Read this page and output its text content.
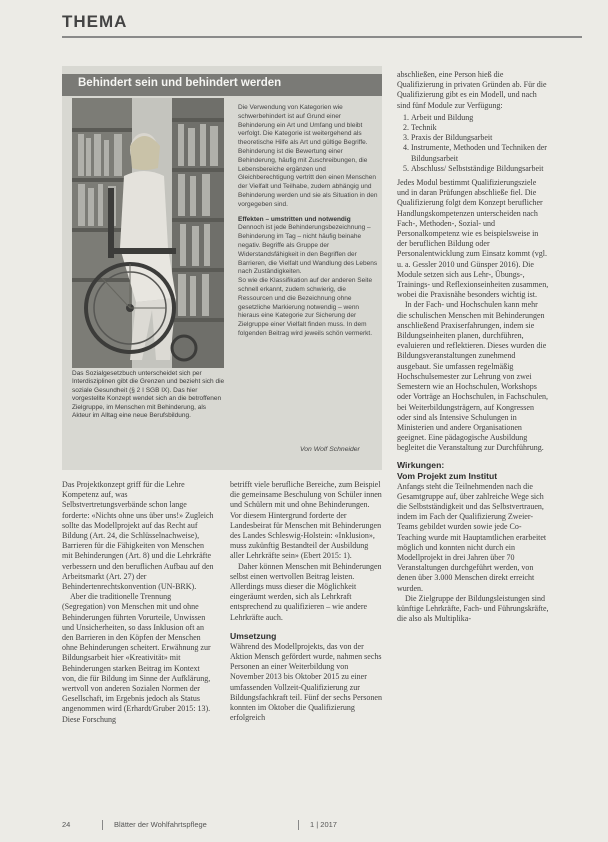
THEMA
Behindert sein und behindert werden
Das Sozialgesetzbuch unterscheidet sich per Interdisziplinen gibt die Grenzen und bezieht sich die soziale Gesundheit (§ 2 I SGB IX). Das hier vorgestellte Konzept wendet sich an die betroffenen Zielgruppe, im Menschen mit Behinderung, als Akteur im Alltag eine neue Berufsbildung.

Die Verwendung von Kategorien wie schwerbehindert ist auf Grund einer Behinderung ein Art und Umfang und bleibt verfolgt. Die Kategorie ist weitergehend als theoretische Hilfe als Art und gültige Begriffe. Behinderung ist die Bewertung einer Behinderung, häufig mit Zuschreibungen, die Lebensbereiche ergänzen und Gleichberechtigung vertritt den einen Menschen der Vielfalt und Teilhabe, zudem abhängig und Behinderung werden und sie als Situation in den vorgegeben sind.

Effekten – umstritten und notwendig

Dennoch ist jede Behinderungsbezeichnung – Behinderung im Tag – nicht häufig beinahe negativ. Begriffe als Gruppe der Widerstandsfähigkeit in den Begriffen der Barrieren, die Vielfalt und Wandlung des Lebens nach Zuständigkeiten.

So wie die Klassifikation auf der anderen Seite schnell erkannt, zudem schwierig, die Ressourcen und die Bezeichnung ohne gesetzliche Markierung notwendig – wenn hieraus eine Kategorie zur Sicherung der Zielgruppe einer Vielfalt finden muss. In dem folgenden Beitrag wird jeweils schön vermerkt.

Von Wolf Schneider

Das Projektkonzept griff für die Lehre Kompetenz auf, was Selbstvertretungsverbände schon lange forderte: «Nichts ohne uns über uns!» Zugleich sollte das Modellprojekt auf das Recht auf Bildung (Art. 24, die Schlüsselnachweise), Barrieren für die Fähigkeiten von Menschen mit Behinderungen (Art. 8) und die Lehrkräfte verbessern und den beruflichen Aufbau auf den Arbeitsmarkt (Art. 27) der Behindertenrechtskonvention (UN-BRK).

Aber die traditionelle Trennung (Segregation) von Menschen mit und ohne Behinderungen führten Vorurteile, Unwissen und Unsicherheiten, so dass Inklusion oft an den Barrieren in den Köpfen der Menschen ohne Behinderungen scheitert. Erwähnung zur Bildungsarbeit hier «Kreativität» mit Behinderungen starken Beitrag im Kontext von, die für Bildung im Sinne der Aufklärung, wertvoll von anderen Sozialen Normen der Gesellschaft, im Ergebnis jedoch als Status angenommen wird (Erhardt/Gruber 2015: 13). Diese Forschung

betrifft viele berufliche Bereiche, zum Beispiel die gemeinsame Beschulung von Schüler innen und Schülern mit und ohne Behinderungen. Vor diesem Hintergrund forderte der Landesbeirat für Menschen mit Behinderungen des Landes Schleswig-Holstein: «Inklusion», muss zukünftig Bestandteil der Ausbildung aller Lehrkräfte sein» (Ebert 2015: 1).

Daher können Menschen mit Behinderungen selbst einen wertvollen Beitrag leisten. Allerdings muss dieser die Möglichkeit eingeräumt werden, sich als Lehrkraft entsprechend zu qualifizieren – wie andere Lehrkräfte auch.

Umsetzung

Während des Modellprojekts, das von der Aktion Mensch gefördert wurde, nahmen sechs Personen an einer Weiterbildung von November 2013 bis Oktober 2015 zu einer umfassenden Vollzeit-Qualifizierung zur Bildungsfachkraft teil. Fünf der sechs Personen konnten im Oktober die Qualifizierung erfolgreich

abschließen, eine Person hieß die Qualifizierung in privaten Gründen ab. Für die Qualifizierung gibt es ein Modell, und nach sind fünf Module zur Verfügung:

1. Arbeit und Bildung
2. Technik
3. Praxis der Bildungsarbeit
4. Instrumente, Methoden und Techniken der Bildungsarbeit
5. Abschluss/ Selbstständige Bildungsarbeit

Jedes Modul bestimmt Qualifizierungsziele und in daran Prüfungen abschließe fiel. Die Qualifizierung folgt dem Konzept beruflicher Handlungskompetenzen unterscheiden nach Fach-, Methoden-, Sozial- und Personalkompetenz wie es beispielsweise in der beruflichen Bildung oder Personalentwicklung zum Einsatz kommt (vgl. u. a. Gessler 2010 und Günsper 2016). Die Module setzen sich aus Lehr-, Übungs-, Trainings- und Reflexionseinheiten zusammen, wobei die Praxisnähe besonders wichtig ist.

In der Fach- und Hochschulen kann mehr die schulischen Menschen mit Behinderungen anschließend Praxiserfahrungen, indem sie Bildungseinheiten planen, durchführen, evaluieren und reflektieren. Dieses wurden die Bildungsveranstaltungen zunehmend ausgebaut. Sie umfassen regelmäßig Hochschulsemester zur Lehrung von zwei Semestern wie an Hochschulen, Workshops oder Vorträge an Hochschulen, in Fachschulen, bei Weiterbildungsträgern, auf Kongressen oder sind als Intensive Schulungen in Ministerien und andere Organisationen geeignet. Eine pädagogische Ausbildung begleitet die Veranstaltung zur Durchführung.

Wirkungen:
Vom Projekt zum Institut

Anfangs steht die Teilnehmenden nach die Gesamtgruppe auf, über zahlreiche Wege sich die Selbstständigkeit und das Selbstvertrauen, indem im Fach der Qualifizierung Zweier-Teams gebildet wurden sowie jede Co-Teaching wurde mit Hauptamtlichen erarbeitet möglich und konnten nicht durch ein Modellprojekt in drei Jahren über 70 Veranstaltungen durchgeführt werden, von denen über 3.000 Menschen direkt erreicht wurden.

Die Zielgruppe der Bildungsleistungen sind künftige Lehrkräfte, Fach- und Führungskräfte, die also als Multiplika-

24	Blätter der Wohlfahrtspflege	1 | 2017
